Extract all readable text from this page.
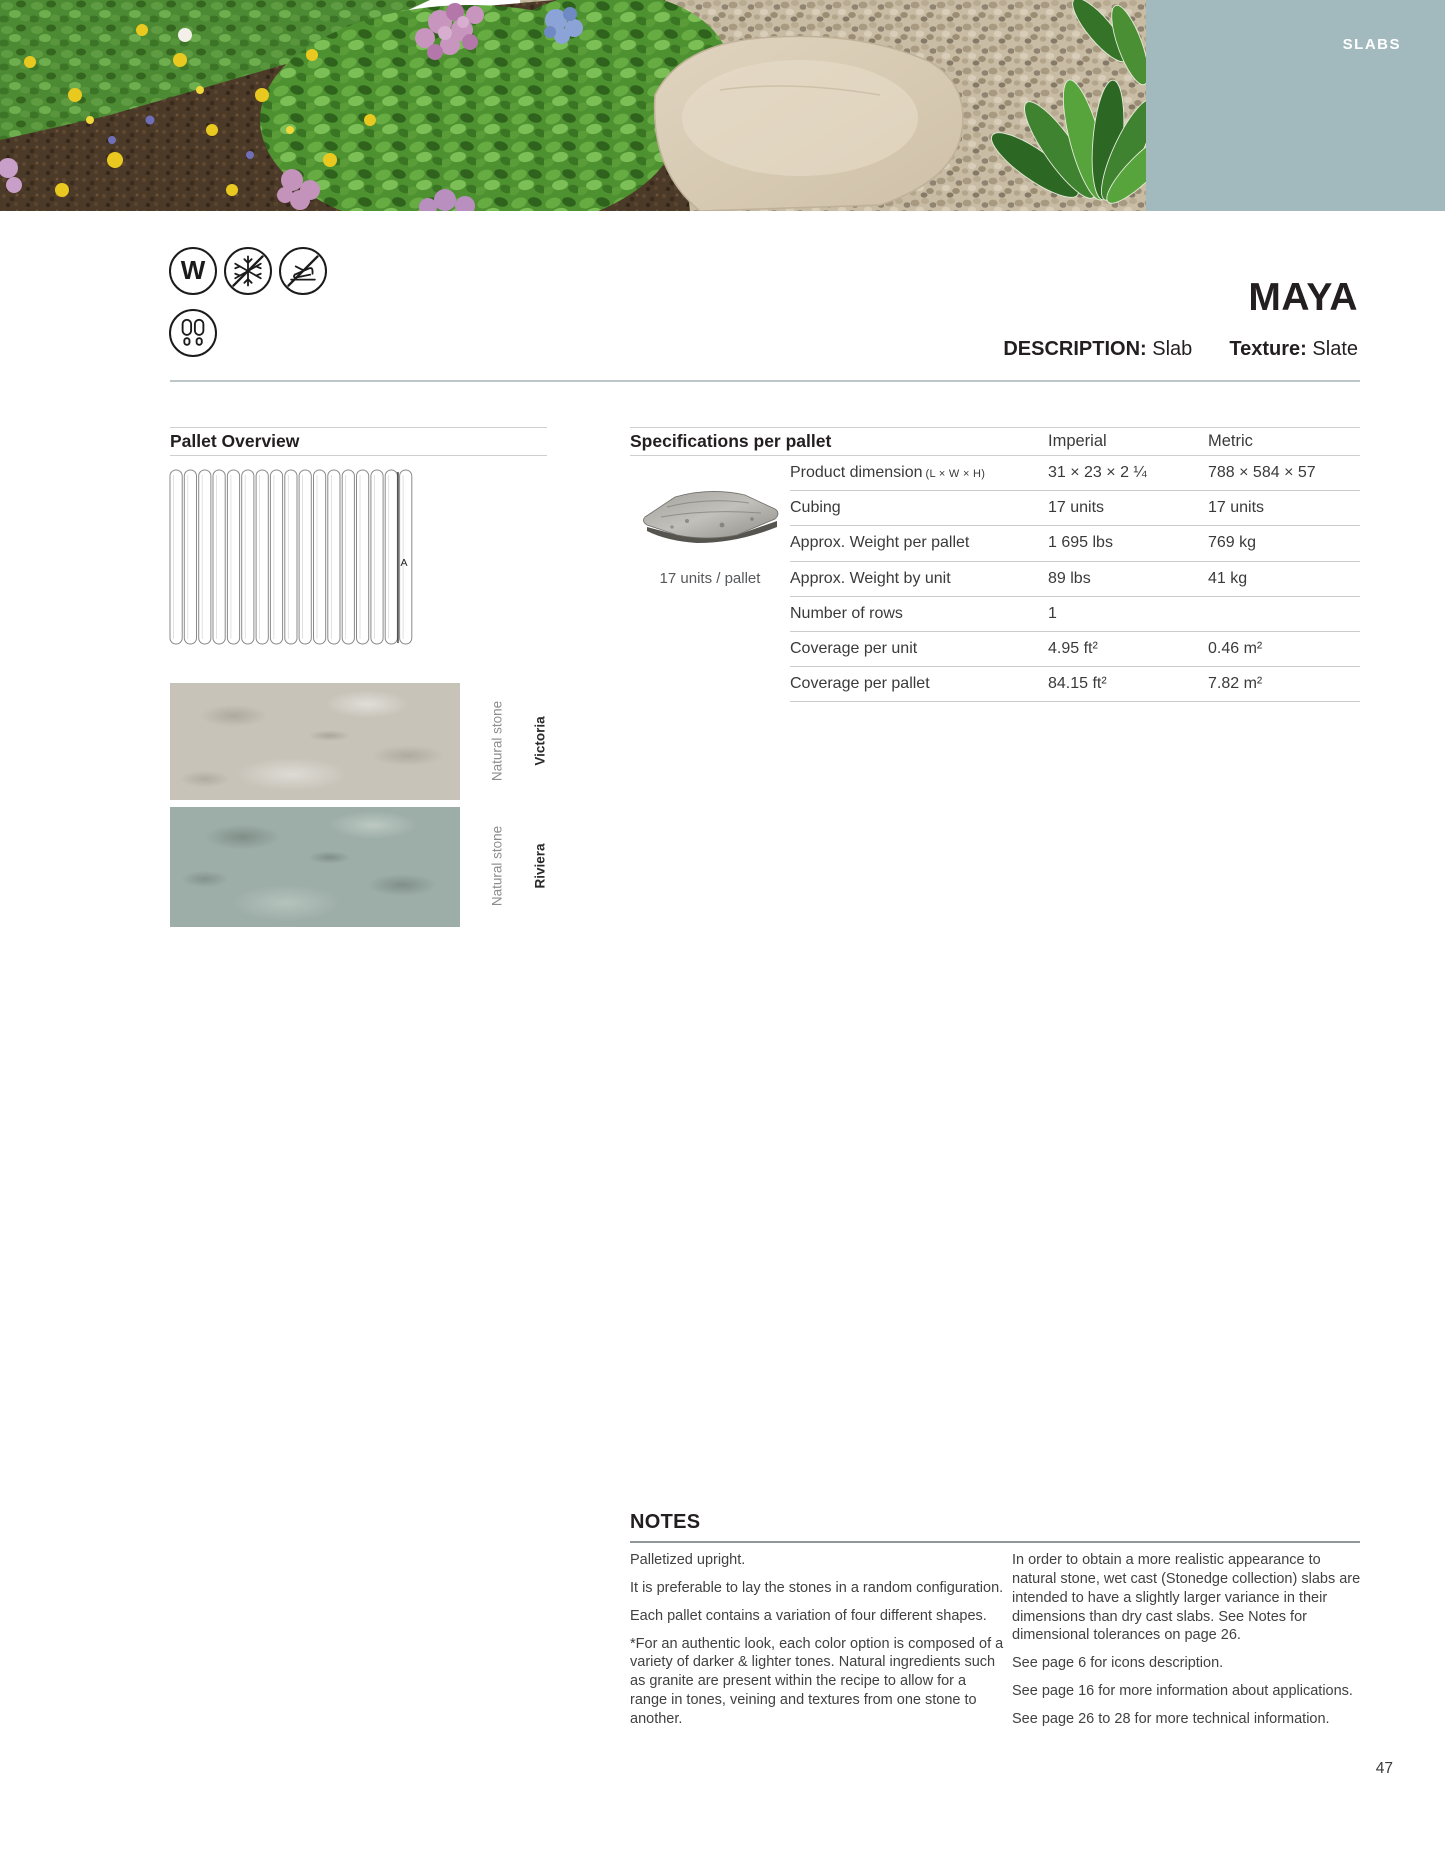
SLABS
W
MAYA
DESCRIPTION: Slab Texture: Slate
Pallet Overview
A
Specifications per pallet	Imperial	Metric
17 units / pallet
Product dimension (L × W × H)	31 × 23 × 2 ¼	788 × 584 × 57
Cubing	17 units	17 units
Approx. Weight per pallet	1 695 lbs	769 kg
Approx. Weight by unit	89 lbs	41 kg
Number of rows	1
Coverage per unit	4.95 ft²	0.46 m²
Coverage per pallet	84.15 ft²	7.82 m²
Natural stone Victoria
Natural stone Riviera
NOTES

Palletized upright.

It is preferable to lay the stones in a random configuration.

Each pallet contains a variation of four different shapes.

*For an authentic look, each color option is composed of a variety of darker & lighter tones. Natural ingredients such as granite are present within the recipe to allow for a range in tones, veining and textures from one stone to another.

In order to obtain a more realistic appearance to natural stone, wet cast (Stonedge collection) slabs are intended to have a slightly larger variance in their dimensions than dry cast slabs. See Notes for dimensional tolerances on page 26.

See page 6 for icons description.

See page 16 for more information about applications.

See page 26 to 28 for more technical information.

47
